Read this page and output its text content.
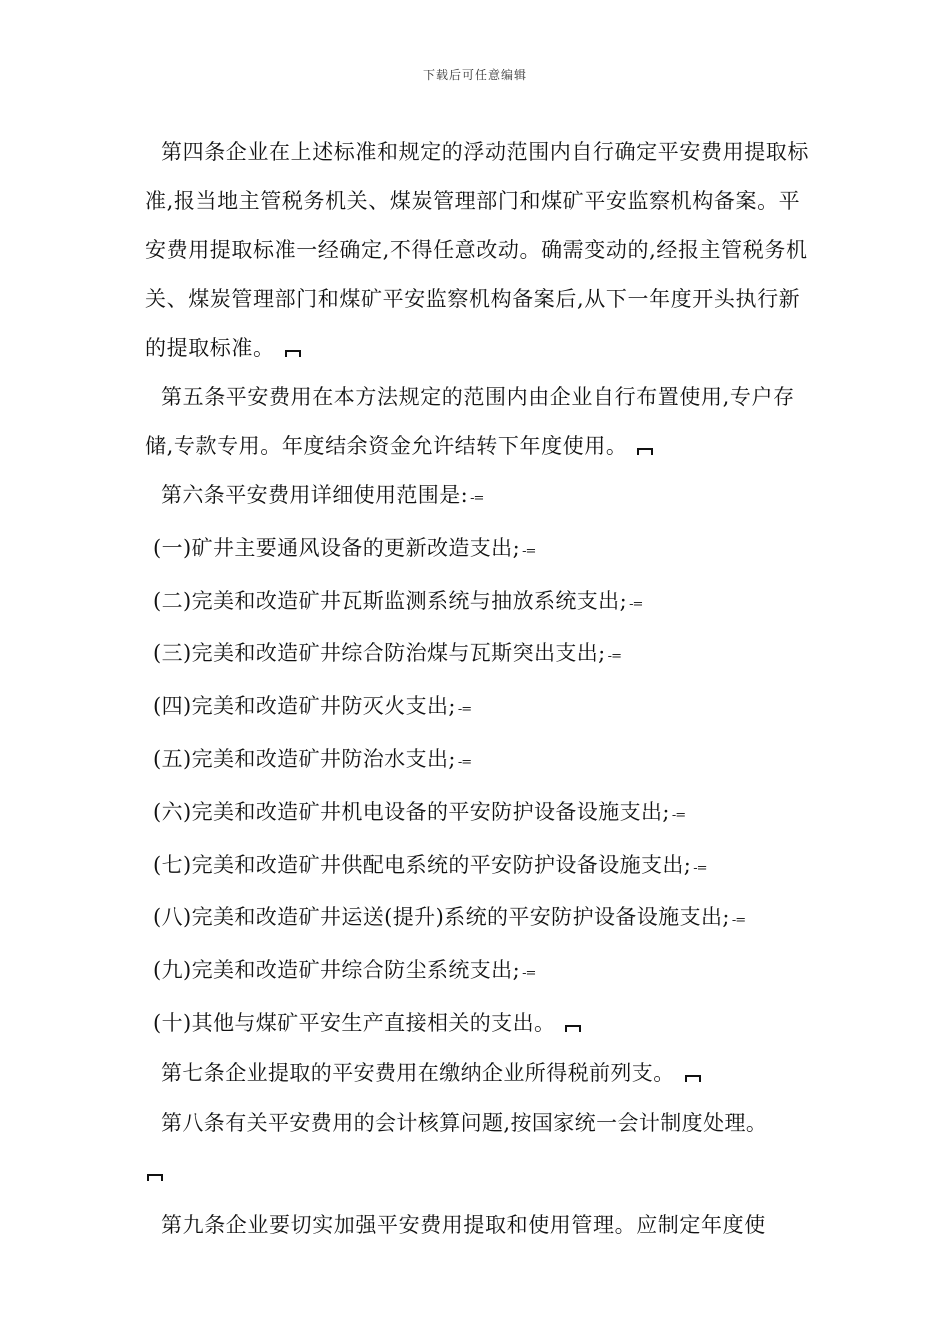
下载后可任意编辑

第四条企业在上述标准和规定的浮动范围内自行确定平安费用提取标准,报当地主管税务机关、煤炭管理部门和煤矿平安监察机构备案。平安费用提取标准一经确定,不得任意改动。确需变动的,经报主管税务机关、煤炭管理部门和煤矿平安监察机构备案后,从下一年度开头执行新的提取标准。

第五条平安费用在本方法规定的范围内由企业自行布置使用,专户存储,专款专用。年度结余资金允许结转下年度使用。

第六条平安费用详细使用范围是: -=

(一)矿井主要通风设备的更新改造支出; -=

(二)完美和改造矿井瓦斯监测系统与抽放系统支出; -=

(三)完美和改造矿井综合防治煤与瓦斯突出支出; -=

(四)完美和改造矿井防灭火支出; -=

(五)完美和改造矿井防治水支出; -=

(六)完美和改造矿井机电设备的平安防护设备设施支出; -=

(七)完美和改造矿井供配电系统的平安防护设备设施支出; -=

(八)完美和改造矿井运送(提升)系统的平安防护设备设施支出; -=

(九)完美和改造矿井综合防尘系统支出; -=

(十)其他与煤矿平安生产直接相关的支出。

第七条企业提取的平安费用在缴纳企业所得税前列支。

第八条有关平安费用的会计核算问题,按国家统一会计制度处理。

第九条企业要切实加强平安费用提取和使用管理。应制定年度使
